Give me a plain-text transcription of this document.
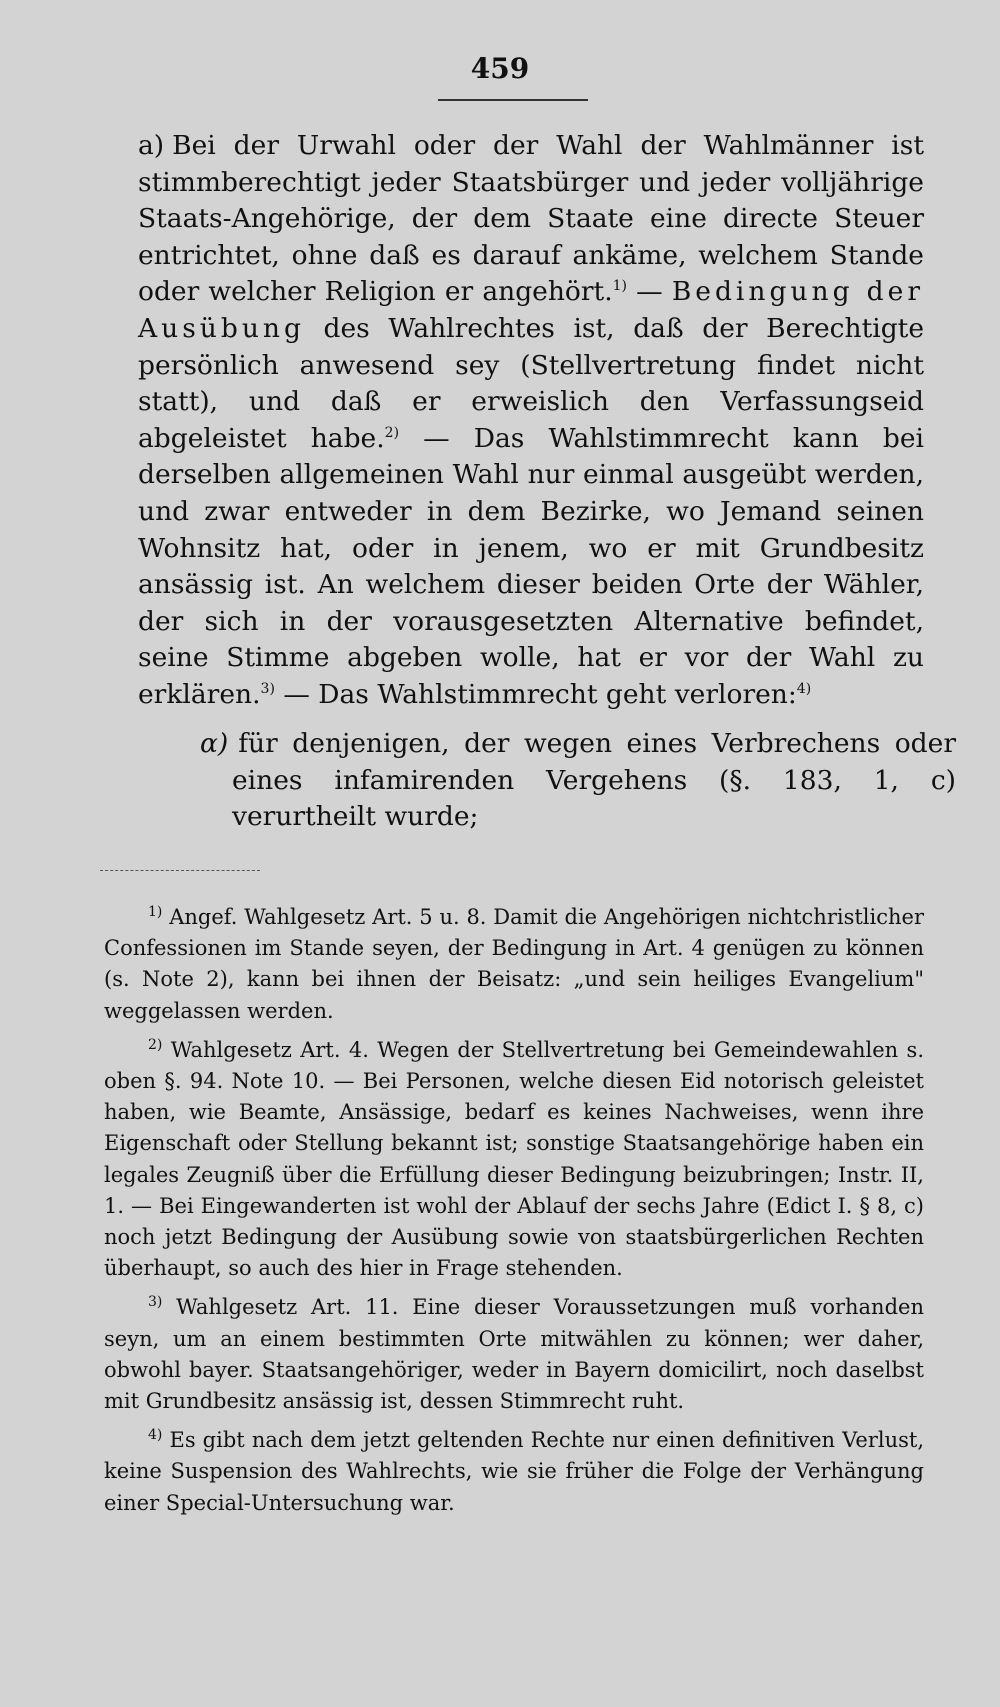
459
a) Bei der Urwahl oder der Wahl der Wahlmänner ist stimmberechtigt jeder Staatsbürger und jeder volljährige Staats-Angehörige, der dem Staate eine directe Steuer entrichtet, ohne daß es darauf ankäme, welchem Stande oder welcher Religion er angehört.$^{1)}$ — Bedingung der Ausübung des Wahlrechtes ist, daß der Berechtigte persönlich anwesend sey (Stellvertretung findet nicht statt), und daß er erweislich den Verfassungseid abgeleistet habe.$^{2)}$ — Das Wahlstimmrecht kann bei derselben allgemeinen Wahl nur einmal ausgeübt werden, und zwar entweder in dem Bezirke, wo Jemand seinen Wohnsitz hat, oder in jenem, wo er mit Grundbesitz ansässig ist. An welchem dieser beiden Orte der Wähler, der sich in der vorausgesetzten Alternative befindet, seine Stimme abgeben wolle, hat er vor der Wahl zu erklären.$^{3)}$ — Das Wahlstimmrecht geht verloren:$^{4)}$
α) für denjenigen, der wegen eines Verbrechens oder eines infamirenden Vergehens (§. 183, 1, c) verurtheilt wurde;

$^{1)}$ Angef. Wahlgesetz Art. 5 u. 8. Damit die Angehörigen nichtchristlicher Confessionen im Stande seyen, der Bedingung in Art. 4 genügen zu können (s. Note 2), kann bei ihnen der Beisatz: „und sein heiliges Evangelium" weggelassen werden.

$^{2)}$ Wahlgesetz Art. 4. Wegen der Stellvertretung bei Gemeindewahlen s. oben §. 94. Note 10. — Bei Personen, welche diesen Eid notorisch geleistet haben, wie Beamte, Ansässige, bedarf es keines Nachweises, wenn ihre Eigenschaft oder Stellung bekannt ist; sonstige Staatsangehörige haben ein legales Zeugniß über die Erfüllung dieser Bedingung beizubringen; Instr. II, 1. — Bei Eingewanderten ist wohl der Ablauf der sechs Jahre (Edict I. § 8, c) noch jetzt Bedingung der Ausübung sowie von staatsbürgerlichen Rechten überhaupt, so auch des hier in Frage stehenden.

$^{3)}$ Wahlgesetz Art. 11. Eine dieser Voraussetzungen muß vorhanden seyn, um an einem bestimmten Orte mitwählen zu können; wer daher, obwohl bayer. Staatsangehöriger, weder in Bayern domicilirt, noch daselbst mit Grundbesitz ansässig ist, dessen Stimmrecht ruht.

$^{4)}$ Es gibt nach dem jetzt geltenden Rechte nur einen definitiven Verlust, keine Suspension des Wahlrechts, wie sie früher die Folge der Verhängung einer Special-Untersuchung war.
